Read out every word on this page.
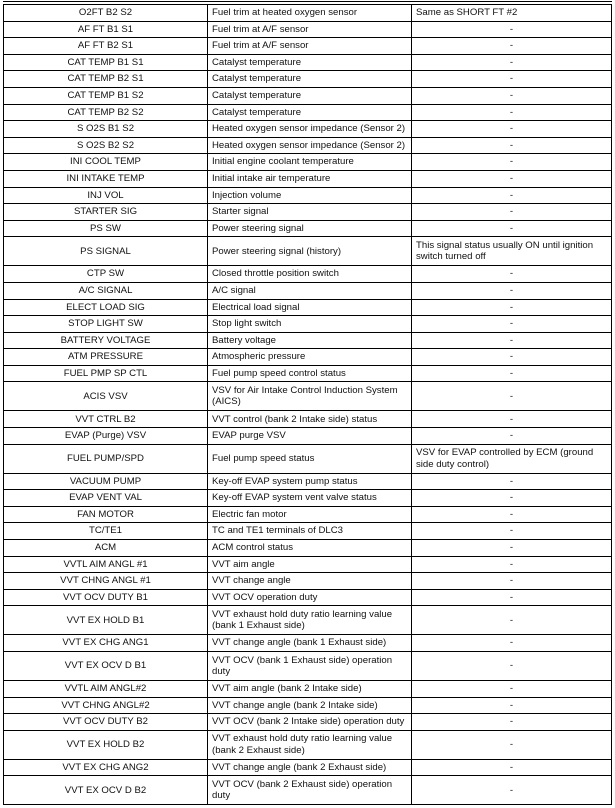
O2FT B2 S2	Fuel trim at heated oxygen sensor	Same as SHORT FT #2
AF FT B1 S1	Fuel trim at A/F sensor	-
AF FT B2 S1	Fuel trim at A/F sensor	-
CAT TEMP B1 S1	Catalyst temperature	-
CAT TEMP B2 S1	Catalyst temperature	-
CAT TEMP B1 S2	Catalyst temperature	-
CAT TEMP B2 S2	Catalyst temperature	-
S O2S B1 S2	Heated oxygen sensor impedance (Sensor 2)	-
S O2S B2 S2	Heated oxygen sensor impedance (Sensor 2)	-
INI COOL TEMP	Initial engine coolant temperature	-
INI INTAKE TEMP	Initial intake air temperature	-
INJ VOL	Injection volume	-
STARTER SIG	Starter signal	-
PS SW	Power steering signal	-
PS SIGNAL	Power steering signal (history)	This signal status usually ON until ignition switch turned off
CTP SW	Closed throttle position switch	-
A/C SIGNAL	A/C signal	-
ELECT LOAD SIG	Electrical load signal	-
STOP LIGHT SW	Stop light switch	-
BATTERY VOLTAGE	Battery voltage	-
ATM PRESSURE	Atmospheric pressure	-
FUEL PMP SP CTL	Fuel pump speed control status	-
ACIS VSV	VSV for Air Intake Control Induction System (AICS)	-
VVT CTRL B2	VVT control (bank 2 Intake side) status	-
EVAP (Purge) VSV	EVAP purge VSV	-
FUEL PUMP/SPD	Fuel pump speed status	VSV for EVAP controlled by ECM (ground side duty control)
VACUUM PUMP	Key-off EVAP system pump status	-
EVAP VENT VAL	Key-off EVAP system vent valve status	-
FAN MOTOR	Electric fan motor	-
TC/TE1	TC and TE1 terminals of DLC3	-
ACM	ACM control status	-
VVTL AIM ANGL #1	VVT aim angle	-
VVT CHNG ANGL #1	VVT change angle	-
VVT OCV DUTY B1	VVT OCV operation duty	-
VVT EX HOLD B1	VVT exhaust hold duty ratio learning value (bank 1 Exhaust side)	-
VVT EX CHG ANG1	VVT change angle (bank 1 Exhaust side)	-
VVT EX OCV D B1	VVT OCV (bank 1 Exhaust side) operation duty	-
VVTL AIM ANGL#2	VVT aim angle (bank 2 Intake side)	-
VVT CHNG ANGL#2	VVT change angle (bank 2 Intake side)	-
VVT OCV DUTY B2	VVT OCV (bank 2 Intake side) operation duty	-
VVT EX HOLD B2	VVT exhaust hold duty ratio learning value (bank 2 Exhaust side)	-
VVT EX CHG ANG2	VVT change angle (bank 2 Exhaust side)	-
VVT EX OCV D B2	VVT OCV (bank 2 Exhaust side) operation duty	-
